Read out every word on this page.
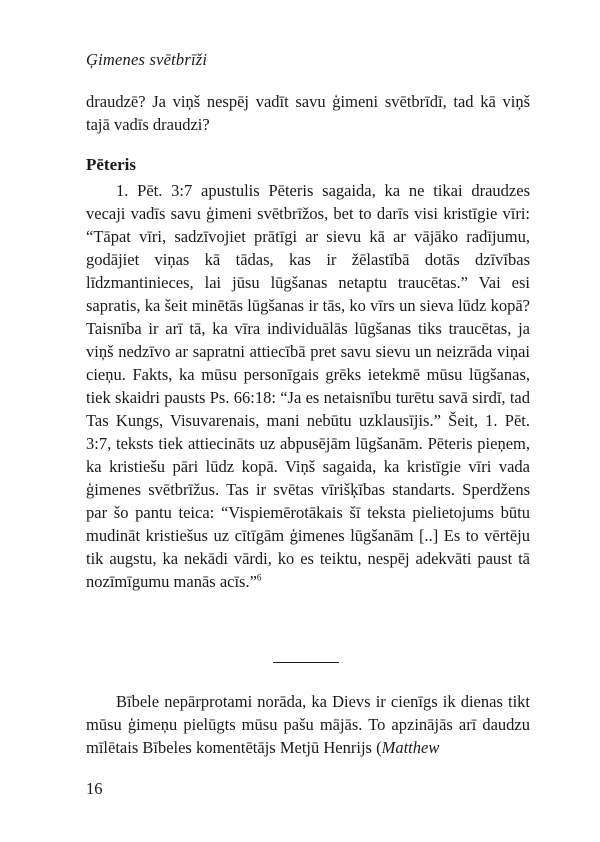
Ģimenes svētbrīži
draudzē? Ja viņš nespēj vadīt savu ģimeni svētbrīdī, tad kā viņš tajā vadīs draudzi?
Pēteris
1. Pēt. 3:7 apustulis Pēteris sagaida, ka ne tikai draudzes vecaji vadīs savu ģimeni svētbrīžos, bet to darīs visi kristīgie vīri: “Tāpat vīri, sadzīvojiet prātīgi ar sievu kā ar vājāko radījumu, godājiet viņas kā tādas, kas ir žēlastībā dotās dzīvības līdzmantinieces, lai jūsu lūgšanas netaptu traucētas.” Vai esi sapratis, ka šeit minētās lūgšanas ir tās, ko vīrs un sieva lūdz kopā? Taisnība ir arī tā, ka vīra individuālās lūgšanas tiks traucētas, ja viņš nedzīvo ar sapratni attiecībā pret savu sievu un neizrāda viņai cieņu. Fakts, ka mūsu personīgais grēks ietekmē mūsu lūgšanas, tiek skaidri pausts Ps. 66:18: “Ja es netaisnību turētu savā sirdī, tad Tas Kungs, Visuvarenais, mani nebūtu uzklausījis.” Šeit, 1. Pēt. 3:7, teksts tiek attiecināts uz abpusējām lūgšanām. Pēteris pieņem, ka kristiešu pāri lūdz kopā. Viņš sagaida, ka kristīgie vīri vada ģimenes svētbrīžus. Tas ir svētas vīrišķības standarts. Sperdžens par šo pantu teica: “Vispiemērotākais šī teksta pielietojums būtu mudināt kristiešus uz cītīgām ģimenes lūgšanām [..] Es to vērtēju tik augstu, ka nekādi vārdi, ko es teiktu, nespēj adekvāti paust tā nozīmīgumu manās acīs.”$^6$
Bībele nepārprotami norāda, ka Dievs ir cienīgs ik dienas tikt mūsu ģimeņu pielūgts mūsu pašu mājās. To apzinājās arī daudzu mīlētais Bībeles komentētājs Metjū Henrijs (Matthew
16
